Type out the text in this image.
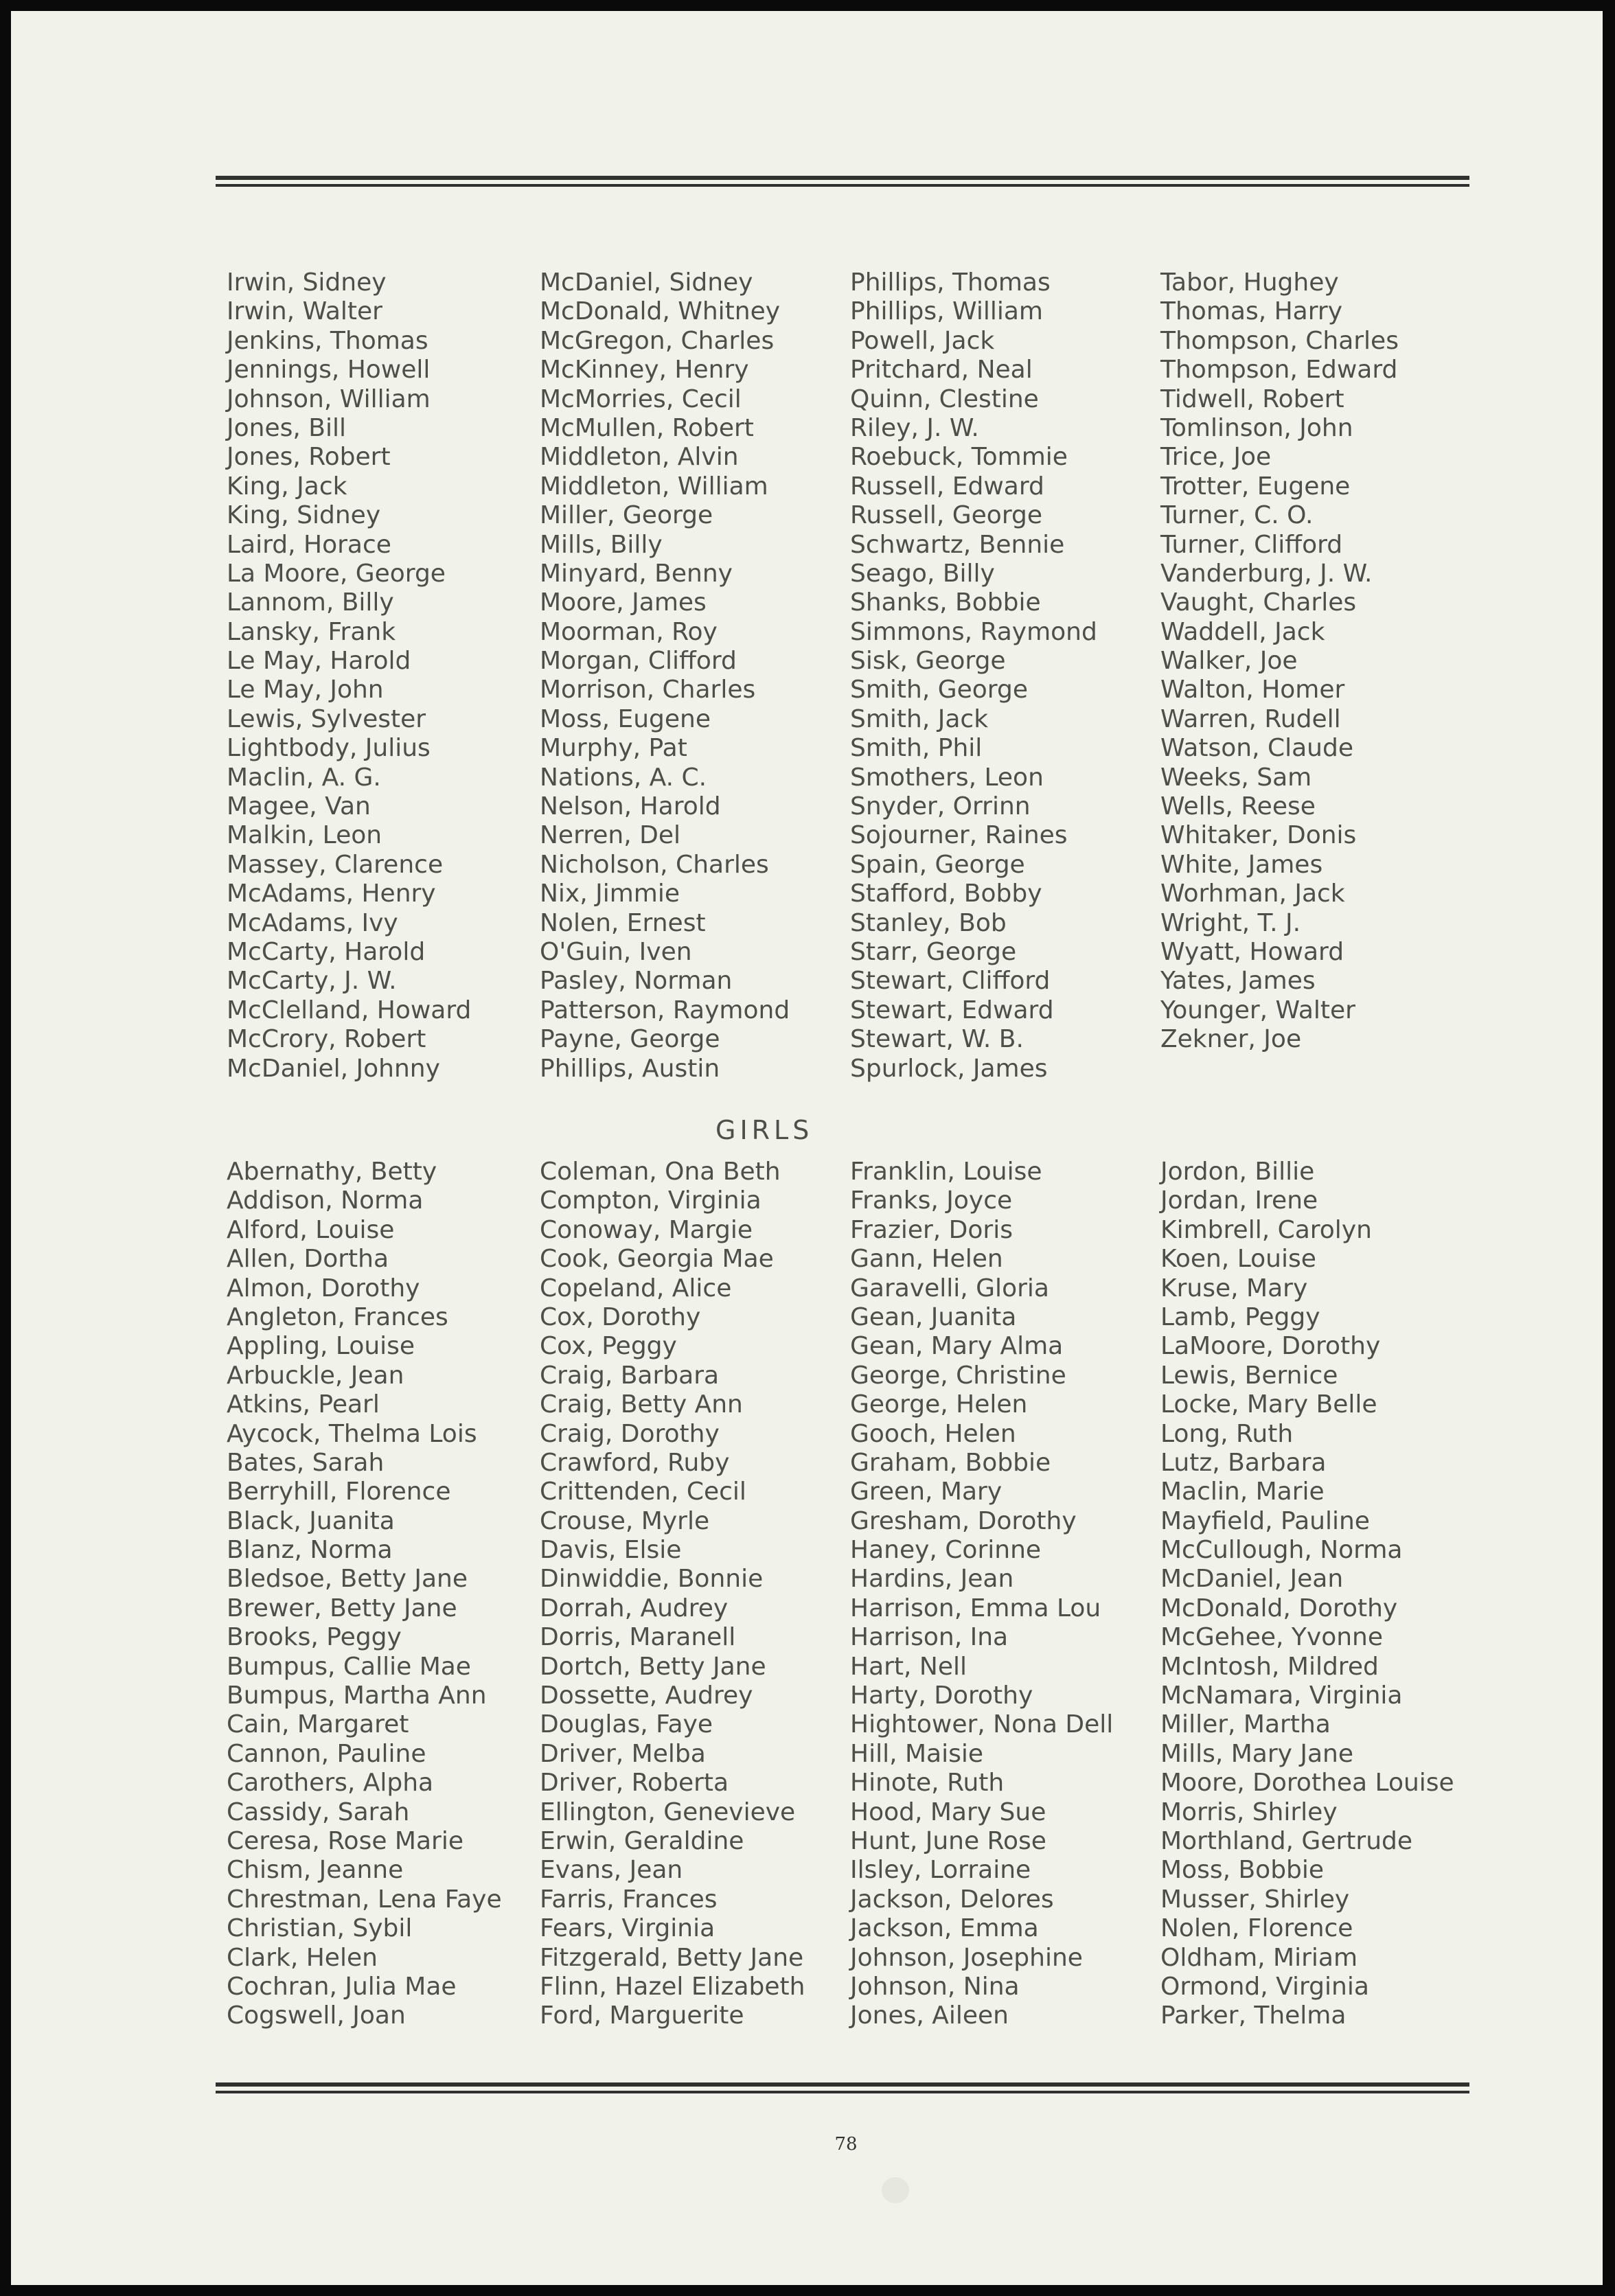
Irwin, Sidney
Irwin, Walter
Jenkins, Thomas
Jennings, Howell
Johnson, William
Jones, Bill
Jones, Robert
King, Jack
King, Sidney
Laird, Horace
La Moore, George
Lannom, Billy
Lansky, Frank
Le May, Harold
Le May, John
Lewis, Sylvester
Lightbody, Julius
Maclin, A. G.
Magee, Van
Malkin, Leon
Massey, Clarence
McAdams, Henry
McAdams, Ivy
McCarty, Harold
McCarty, J. W.
McClelland, Howard
McCrory, Robert
McDaniel, Johnny
McDaniel, Sidney
McDonald, Whitney
McGregon, Charles
McKinney, Henry
McMorries, Cecil
McMullen, Robert
Middleton, Alvin
Middleton, William
Miller, George
Mills, Billy
Minyard, Benny
Moore, James
Moorman, Roy
Morgan, Clifford
Morrison, Charles
Moss, Eugene
Murphy, Pat
Nations, A. C.
Nelson, Harold
Nerren, Del
Nicholson, Charles
Nix, Jimmie
Nolen, Ernest
O'Guin, Iven
Pasley, Norman
Patterson, Raymond
Payne, George
Phillips, Austin
Phillips, Thomas
Phillips, William
Powell, Jack
Pritchard, Neal
Quinn, Clestine
Riley, J. W.
Roebuck, Tommie
Russell, Edward
Russell, George
Schwartz, Bennie
Seago, Billy
Shanks, Bobbie
Simmons, Raymond
Sisk, George
Smith, George
Smith, Jack
Smith, Phil
Smothers, Leon
Snyder, Orrinn
Sojourner, Raines
Spain, George
Stafford, Bobby
Stanley, Bob
Starr, George
Stewart, Clifford
Stewart, Edward
Stewart, W. B.
Spurlock, James
Tabor, Hughey
Thomas, Harry
Thompson, Charles
Thompson, Edward
Tidwell, Robert
Tomlinson, John
Trice, Joe
Trotter, Eugene
Turner, C. O.
Turner, Clifford
Vanderburg, J. W.
Vaught, Charles
Waddell, Jack
Walker, Joe
Walton, Homer
Warren, Rudell
Watson, Claude
Weeks, Sam
Wells, Reese
Whitaker, Donis
White, James
Worhman, Jack
Wright, T. J.
Wyatt, Howard
Yates, James
Younger, Walter
Zekner, Joe
GIRLS
Abernathy, Betty
Addison, Norma
Alford, Louise
Allen, Dortha
Almon, Dorothy
Angleton, Frances
Appling, Louise
Arbuckle, Jean
Atkins, Pearl
Aycock, Thelma Lois
Bates, Sarah
Berryhill, Florence
Black, Juanita
Blanz, Norma
Bledsoe, Betty Jane
Brewer, Betty Jane
Brooks, Peggy
Bumpus, Callie Mae
Bumpus, Martha Ann
Cain, Margaret
Cannon, Pauline
Carothers, Alpha
Cassidy, Sarah
Ceresa, Rose Marie
Chism, Jeanne
Chrestman, Lena Faye
Christian, Sybil
Clark, Helen
Cochran, Julia Mae
Cogswell, Joan
Coleman, Ona Beth
Compton, Virginia
Conoway, Margie
Cook, Georgia Mae
Copeland, Alice
Cox, Dorothy
Cox, Peggy
Craig, Barbara
Craig, Betty Ann
Craig, Dorothy
Crawford, Ruby
Crittenden, Cecil
Crouse, Myrle
Davis, Elsie
Dinwiddie, Bonnie
Dorrah, Audrey
Dorris, Maranell
Dortch, Betty Jane
Dossette, Audrey
Douglas, Faye
Driver, Melba
Driver, Roberta
Ellington, Genevieve
Erwin, Geraldine
Evans, Jean
Farris, Frances
Fears, Virginia
Fitzgerald, Betty Jane
Flinn, Hazel Elizabeth
Ford, Marguerite
Franklin, Louise
Franks, Joyce
Frazier, Doris
Gann, Helen
Garavelli, Gloria
Gean, Juanita
Gean, Mary Alma
George, Christine
George, Helen
Gooch, Helen
Graham, Bobbie
Green, Mary
Gresham, Dorothy
Haney, Corinne
Hardins, Jean
Harrison, Emma Lou
Harrison, Ina
Hart, Nell
Harty, Dorothy
Hightower, Nona Dell
Hill, Maisie
Hinote, Ruth
Hood, Mary Sue
Hunt, June Rose
Ilsley, Lorraine
Jackson, Delores
Jackson, Emma
Johnson, Josephine
Johnson, Nina
Jones, Aileen
Jordon, Billie
Jordan, Irene
Kimbrell, Carolyn
Koen, Louise
Kruse, Mary
Lamb, Peggy
LaMoore, Dorothy
Lewis, Bernice
Locke, Mary Belle
Long, Ruth
Lutz, Barbara
Maclin, Marie
Mayfield, Pauline
McCullough, Norma
McDaniel, Jean
McDonald, Dorothy
McGehee, Yvonne
McIntosh, Mildred
McNamara, Virginia
Miller, Martha
Mills, Mary Jane
Moore, Dorothea Louise
Morris, Shirley
Morthland, Gertrude
Moss, Bobbie
Musser, Shirley
Nolen, Florence
Oldham, Miriam
Ormond, Virginia
Parker, Thelma
78
